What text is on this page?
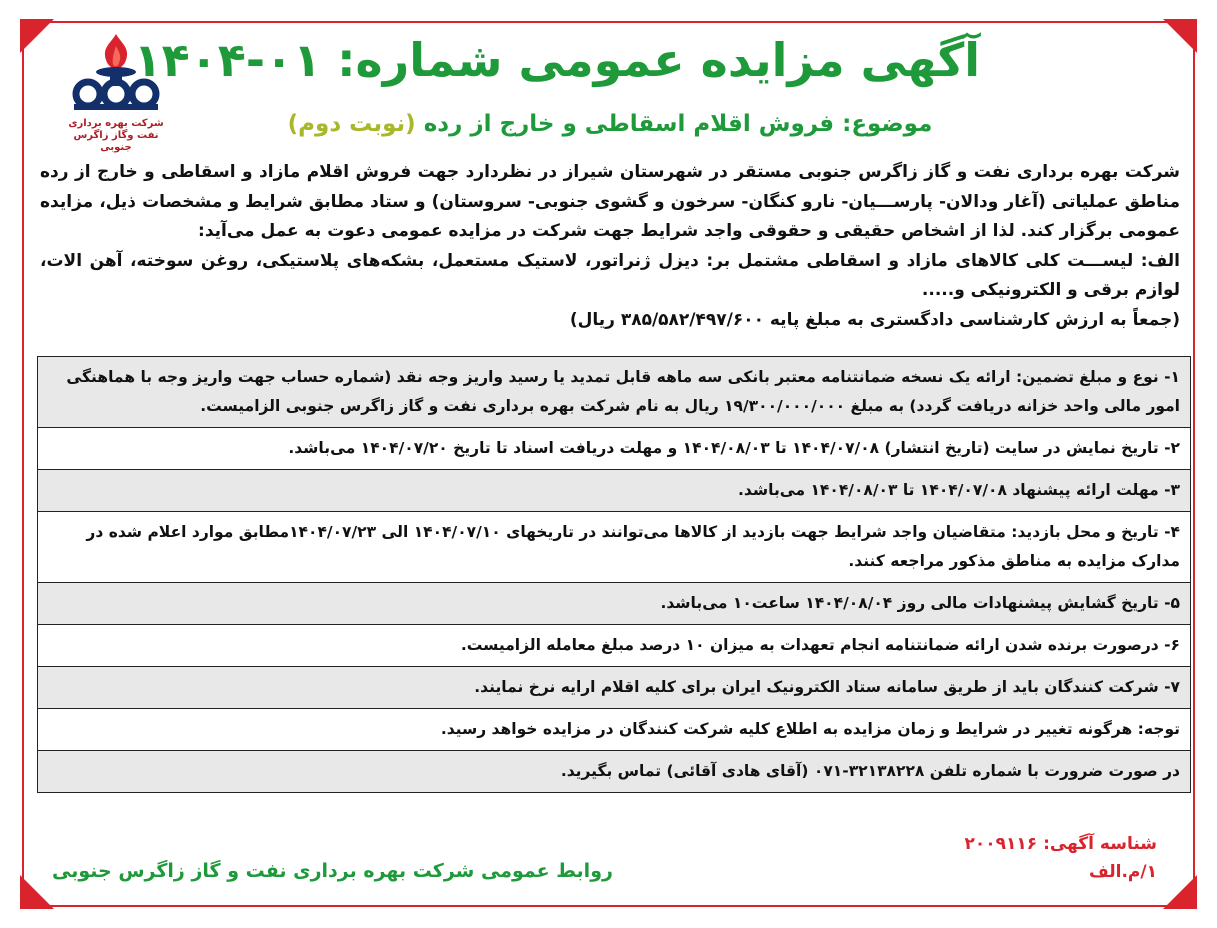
شرکت بهره برداری
نفت وگاز زاگرس جنوبی
آگهی مزایده عمومی شماره: ۰۱-۱۴۰۴
موضوع: فروش اقلام اسقاطی و خارج از رده (نوبت دوم)

شرکت بهره برداری نفت و گاز زاگرس جنوبی مستقر در شهرستان شیراز در نظردارد جهت فروش اقلام مازاد و اسقاطی و خارج از رده مناطق عملیاتی (آغار ودالان- پارســـیان- نارو کنگان- سرخون و گشوی جنوبی- سروستان) و ستاد مطابق شرایط و مشخصات ذیل، مزایده عمومی برگزار کند. لذا از اشخاص حقیقی و حقوقی واجد شرایط جهت شرکت در مزایده عمومی دعوت به عمل می‌آید:

الف: لیســـت کلی کالاهای مازاد و اسقاطی مشتمل بر: دیزل ژنراتور، لاستیک مستعمل، بشکه‌های پلاستیکی، روغن سوخته، آهن الات، لوازم برقی و الکترونیکی و.....

(جمعاً به ارزش کارشناسی دادگستری به مبلغ پایه ۳۸۵/۵۸۲/۴۹۷/۶۰۰ ریال)

۱- نوع و مبلغ تضمین: ارائه یک نسخه ضمانتنامه معتبر بانکی سه ماهه قابل تمدید یا رسید واریز وجه نقد (شماره حساب جهت واریز وجه با هماهنگی امور مالی واحد خزانه دریافت گردد) به مبلغ ۱۹/۳۰۰/۰۰۰/۰۰۰ ریال به نام شرکت بهره برداری نفت و گاز زاگرس جنوبی الزامیست.
۲- تاریخ نمایش در سایت (تاریخ انتشار) ۱۴۰۴/۰۷/۰۸ تا ۱۴۰۴/۰۸/۰۳ و مهلت دریافت اسناد تا تاریخ ۱۴۰۴/۰۷/۲۰ می‌باشد.
۳- مهلت ارائه پیشنهاد ۱۴۰۴/۰۷/۰۸ تا ۱۴۰۴/۰۸/۰۳ می‌باشد.
۴- تاریخ و محل بازدید: متقاضیان واجد شرایط جهت بازدید از کالاها می‌توانند در تاریخهای ۱۴۰۴/۰۷/۱۰ الی ۱۴۰۴/۰۷/۲۳مطابق موارد اعلام شده در مدارک مزایده به مناطق مذکور مراجعه کنند.
۵- تاریخ گشایش پیشنهادات مالی روز ۱۴۰۴/۰۸/۰۴ ساعت۱۰ می‌باشد.
۶- درصورت برنده شدن ارائه ضمانتنامه انجام تعهدات به میزان ۱۰ درصد مبلغ معامله الزامیست.
۷- شرکت کنندگان باید از طریق سامانه ستاد الکترونیک ایران برای کلیه اقلام ارایه نرخ نمایند.
توجه: هرگونه تغییر در شرایط و زمان مزایده به اطلاع کلیه شرکت کنندگان در مزایده خواهد رسید.
در صورت ضرورت با شماره تلفن ۳۲۱۳۸۲۲۸-۰۷۱ (آقای هادی آقائی) تماس بگیرید.
شناسه آگهی: ۲۰۰۹۱۱۶
۱/م.الف
روابط عمومی شرکت بهره برداری نفت و گاز زاگرس جنوبی
